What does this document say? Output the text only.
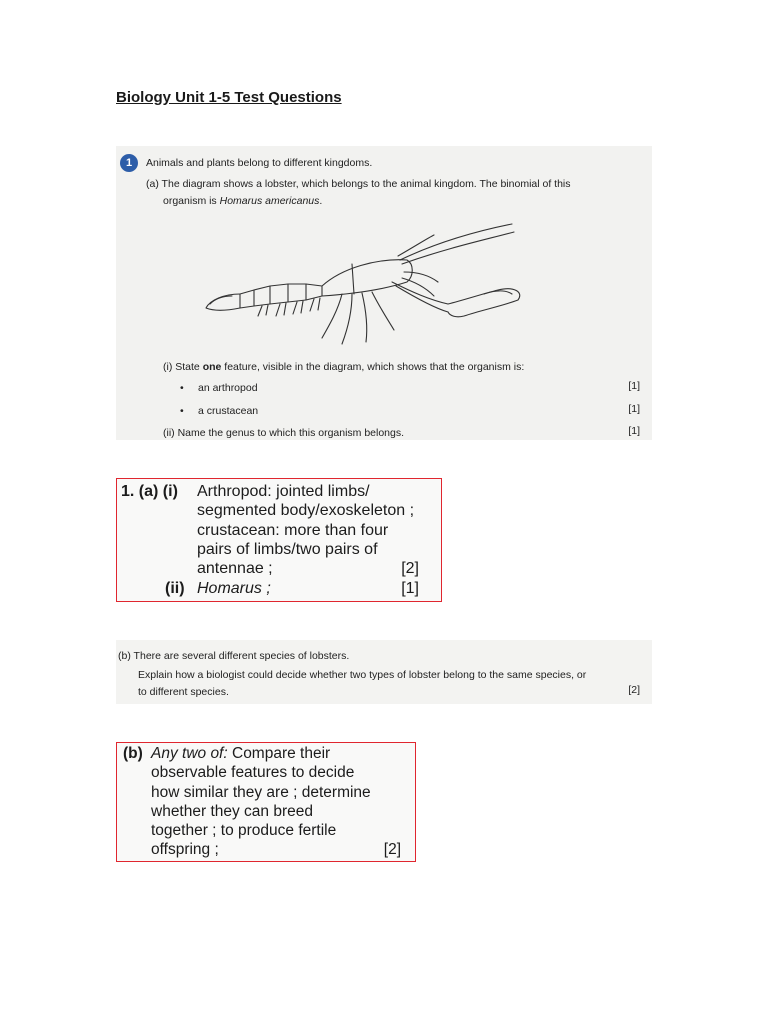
Biology Unit 1-5 Test Questions
1	Animals and plants belong to different kingdoms.
(a) The diagram shows a lobster, which belongs to the animal kingdom. The binomial of this
organism is Homarus americanus.
(i) State one feature, visible in the diagram, which shows that the organism is:
• an arthropod	[1]
• a crustacean	[1]
(ii) Name the genus to which this organism belongs.	[1]
1. (a) (i) Arthropod: jointed limbs/
segmented body/exoskeleton ;
crustacean: more than four
pairs of limbs/two pairs of
antennae ;	[2]
(ii) Homarus ;	[1]
(b) There are several different species of lobsters.
Explain how a biologist could decide whether two types of lobster belong to the same species, or
to different species.	[2]
(b) Any two of: Compare their
observable features to decide
how similar they are ; determine
whether they can breed
together ; to produce fertile
offspring ;	[2]
